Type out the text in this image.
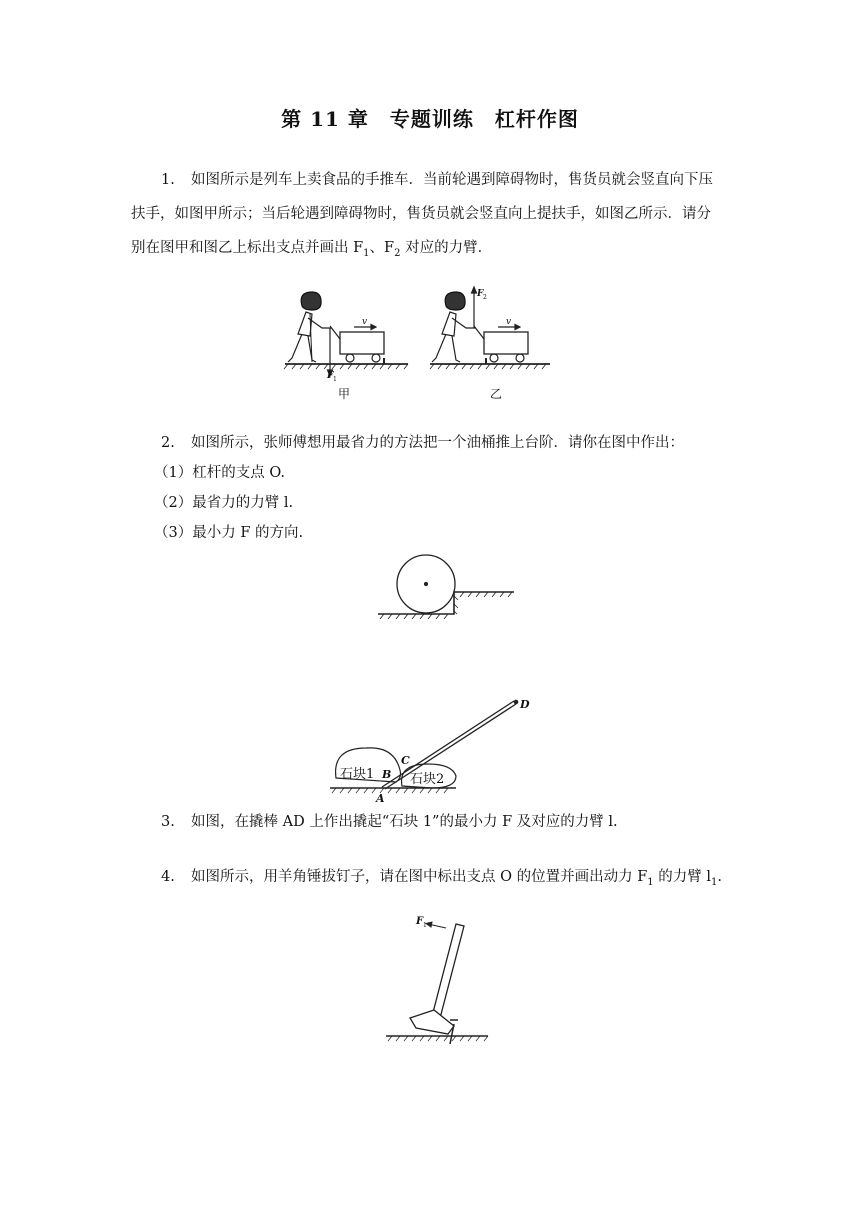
第 11 章　专题训练　杠杆作图
1. 如图所示是列车上卖食品的手推车．当前轮遇到障碍物时，售货员就会竖直向下压
扶手，如图甲所示；当后轮遇到障碍物时，售货员就会竖直向上提扶手，如图乙所示．请分
别在图甲和图乙上标出支点并画出 $F_1$、$F_2$ 对应的力臂．
v	v
F 1
F 2
甲	乙
2. 如图所示，张师傅想用最省力的方法把一个油桶推上台阶．请你在图中作出：
（1）杠杆的支点 O.
（2）最省力的力臂 l.
（3）最小力 F 的方向.
石块1	石块2
A
B
C
D
3. 如图，在撬棒 AD 上作出撬起“石块 1”的最小力 F 及对应的力臂 l.
4. 如图所示，用羊角锤拔钉子，请在图中标出支点 O 的位置并画出动力 $F_1$ 的力臂 $l_1$.
F 1
